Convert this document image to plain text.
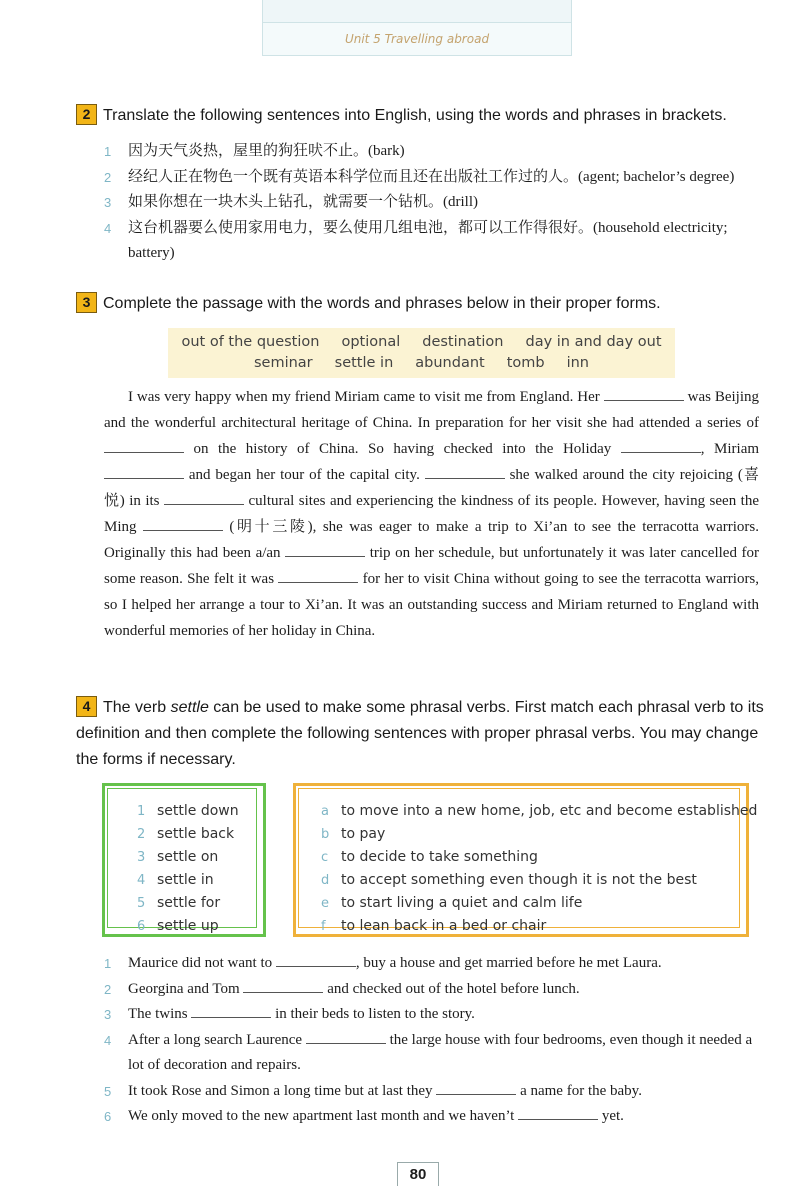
Unit 5 Travelling abroad
2 Translate the following sentences into English, using the words and phrases in brackets.
1 因为天气炎热，屋里的狗狂吠不止。(bark)
2 经纪人正在物色一个既有英语本科学位而且还在出版社工作过的人。(agent; bachelor’s degree)
3 如果你想在一块木头上钻孔，就需要一个钻机。(drill)
4 这台机器要么使用家用电力，要么使用几组电池，都可以工作得很好。(household electricity; battery)
3 Complete the passage with the words and phrases below in their proper forms.
out of the question optional destination day in and day out
seminar settle in abundant tomb inn

I was very happy when my friend Miriam came to visit me from England. Her	was Beijing and the wonderful architectural heritage of China. In preparation for her visit she had attended a series of  on the history of China. So having checked into the Holiday	, Miriam  and began her tour of the capital city.	she walked around the city rejoicing (喜悦) in its	cultural sites and experiencing the kindness of its people. However, having seen the Ming	(明十三陵), she was eager to make a trip to Xi’an to see the terracotta warriors. Originally this had been a/an	trip on her schedule, but unfortunately it was later cancelled for some reason. She felt it was	for her to visit China without going to see the terracotta warriors, so I helped her arrange a tour to Xi’an. It was an outstanding success and Miriam returned to England with wonderful memories of her holiday in China.

4 The verb settle can be used to make some phrasal verbs. First match each phrasal verb to its definition and then complete the following sentences with proper phrasal verbs. You may change the forms if necessary.
1 settle down
2 settle back
3 settle on
4 settle in
5 settle for
6 settle up
a to move into a new home, job, etc and become established
b to pay
c to decide to take something
d to accept something even though it is not the best
e to start living a quiet and calm life
f to lean back in a bed or chair
1 Maurice did not want to	, buy a house and get married before he met Laura.
2 Georgina and Tom	and checked out of the hotel before lunch.
3 The twins	in their beds to listen to the story.
4 After a long search Laurence	the large house with four bedrooms, even though it needed a lot of decoration and repairs.
5 It took Rose and Simon a long time but at last they	a name for the baby.
6 We only moved to the new apartment last month and we haven’t	yet.
80
